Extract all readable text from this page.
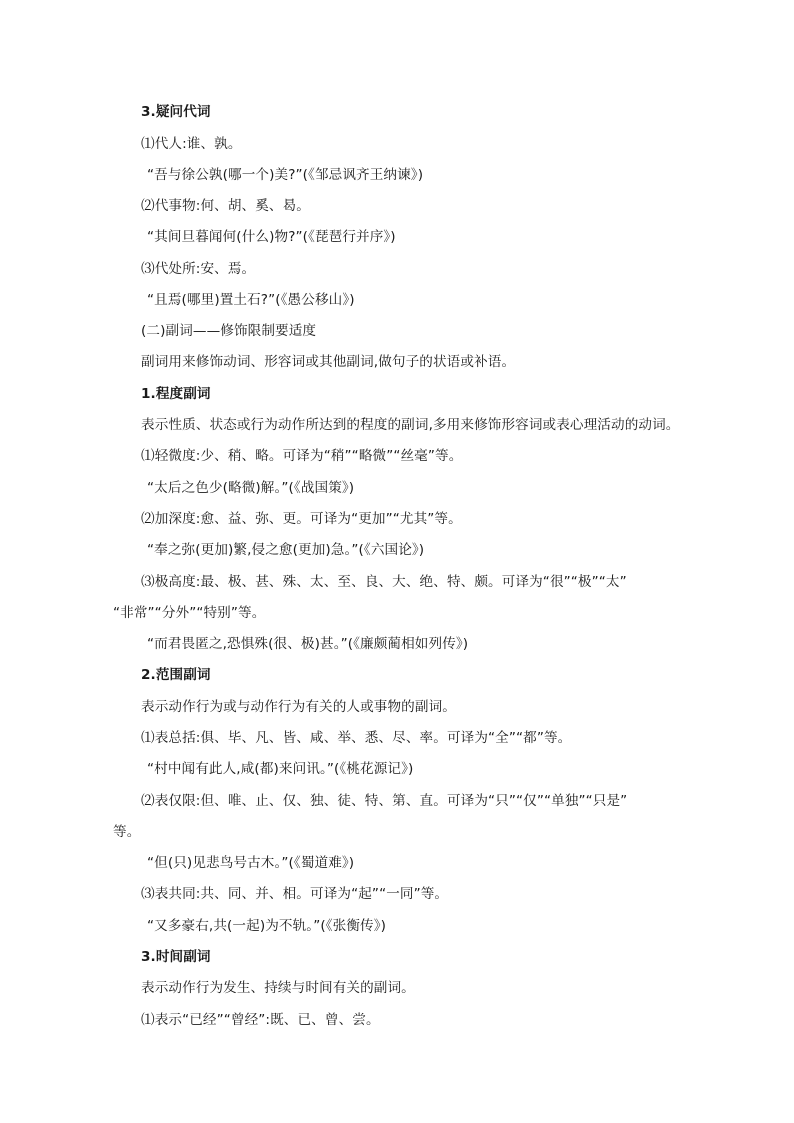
3.疑问代词
⑴代人:谁、孰。
“吾与徐公孰(哪一个)美?”(《邹忌讽齐王纳谏》)
⑵代事物:何、胡、奚、曷。
“其间旦暮闻何(什么)物?”(《琵琶行并序》)
⑶代处所:安、焉。
“且焉(哪里)置土石?”(《愚公移山》)
(二)副词——修饰限制要适度
副词用来修饰动词、形容词或其他副词,做句子的状语或补语。
1.程度副词
表示性质、状态或行为动作所达到的程度的副词,多用来修饰形容词或表心理活动的动词。
⑴轻微度:少、稍、略。可译为“稍”“略微”“丝毫”等。
“太后之色少(略微)解。”(《战国策》)
⑵加深度:愈、益、弥、更。可译为“更加”“尤其”等。
“奉之弥(更加)繁,侵之愈(更加)急。”(《六国论》)
⑶极高度:最、极、甚、殊、太、至、良、大、绝、特、颇。可译为“很”“极”“太”
“非常”“分外”“特别”等。
“而君畏匿之,恐惧殊(很、极)甚。”(《廉颇蔺相如列传》)
2.范围副词
表示动作行为或与动作行为有关的人或事物的副词。
⑴表总括:俱、毕、凡、皆、咸、举、悉、尽、率。可译为“全”“都”等。
“村中闻有此人,咸(都)来问讯。”(《桃花源记》)
⑵表仅限:但、唯、止、仅、独、徒、特、第、直。可译为“只”“仅”“单独”“只是”
等。
“但(只)见悲鸟号古木。”(《蜀道难》)
⑶表共同:共、同、并、相。可译为“起”“一同”等。
“又多豪右,共(一起)为不轨。”(《张衡传》)
3.时间副词
表示动作行为发生、持续与时间有关的副词。
⑴表示“已经”“曾经”:既、已、曾、尝。
